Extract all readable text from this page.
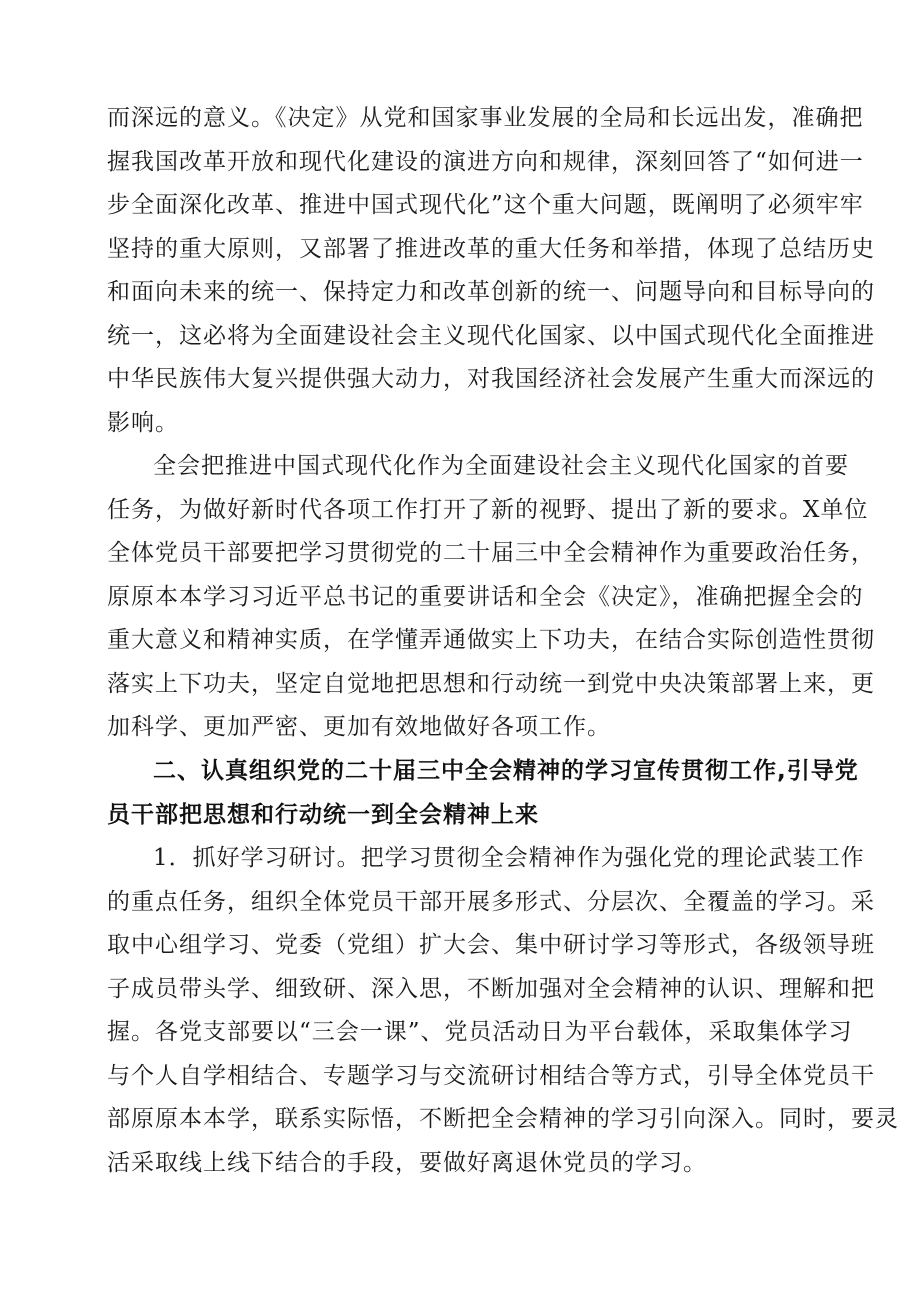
而深远的意义。《决定》从党和国家事业发展的全局和长远出发，准确把
握我国改革开放和现代化建设的演进方向和规律，深刻回答了“如何进一
步全面深化改革、推进中国式现代化”这个重大问题，既阐明了必须牢牢
坚持的重大原则，又部署了推进改革的重大任务和举措，体现了总结历史
和面向未来的统一、保持定力和改革创新的统一、问题导向和目标导向的
统一，这必将为全面建设社会主义现代化国家、以中国式现代化全面推进
中华民族伟大复兴提供强大动力，对我国经济社会发展产生重大而深远的
影响。
全会把推进中国式现代化作为全面建设社会主义现代化国家的首要
任务，为做好新时代各项工作打开了新的视野、提出了新的要求。X单位
全体党员干部要把学习贯彻党的二十届三中全会精神作为重要政治任务，
原原本本学习习近平总书记的重要讲话和全会《决定》，准确把握全会的
重大意义和精神实质，在学懂弄通做实上下功夫，在结合实际创造性贯彻
落实上下功夫，坚定自觉地把思想和行动统一到党中央决策部署上来，更
加科学、更加严密、更加有效地做好各项工作。
二、认真组织党的二十届三中全会精神的学习宣传贯彻工作,引导党
员干部把思想和行动统一到全会精神上来
1．抓好学习研讨。把学习贯彻全会精神作为强化党的理论武装工作
的重点任务，组织全体党员干部开展多形式、分层次、全覆盖的学习。采
取中心组学习、党委（党组）扩大会、集中研讨学习等形式，各级领导班
子成员带头学、细致研、深入思，不断加强对全会精神的认识、理解和把
握。各党支部要以“三会一课”、党员活动日为平台载体，采取集体学习
与个人自学相结合、专题学习与交流研讨相结合等方式，引导全体党员干
部原原本本学，联系实际悟，不断把全会精神的学习引向深入。同时，要灵
活采取线上线下结合的手段，要做好离退休党员的学习。
